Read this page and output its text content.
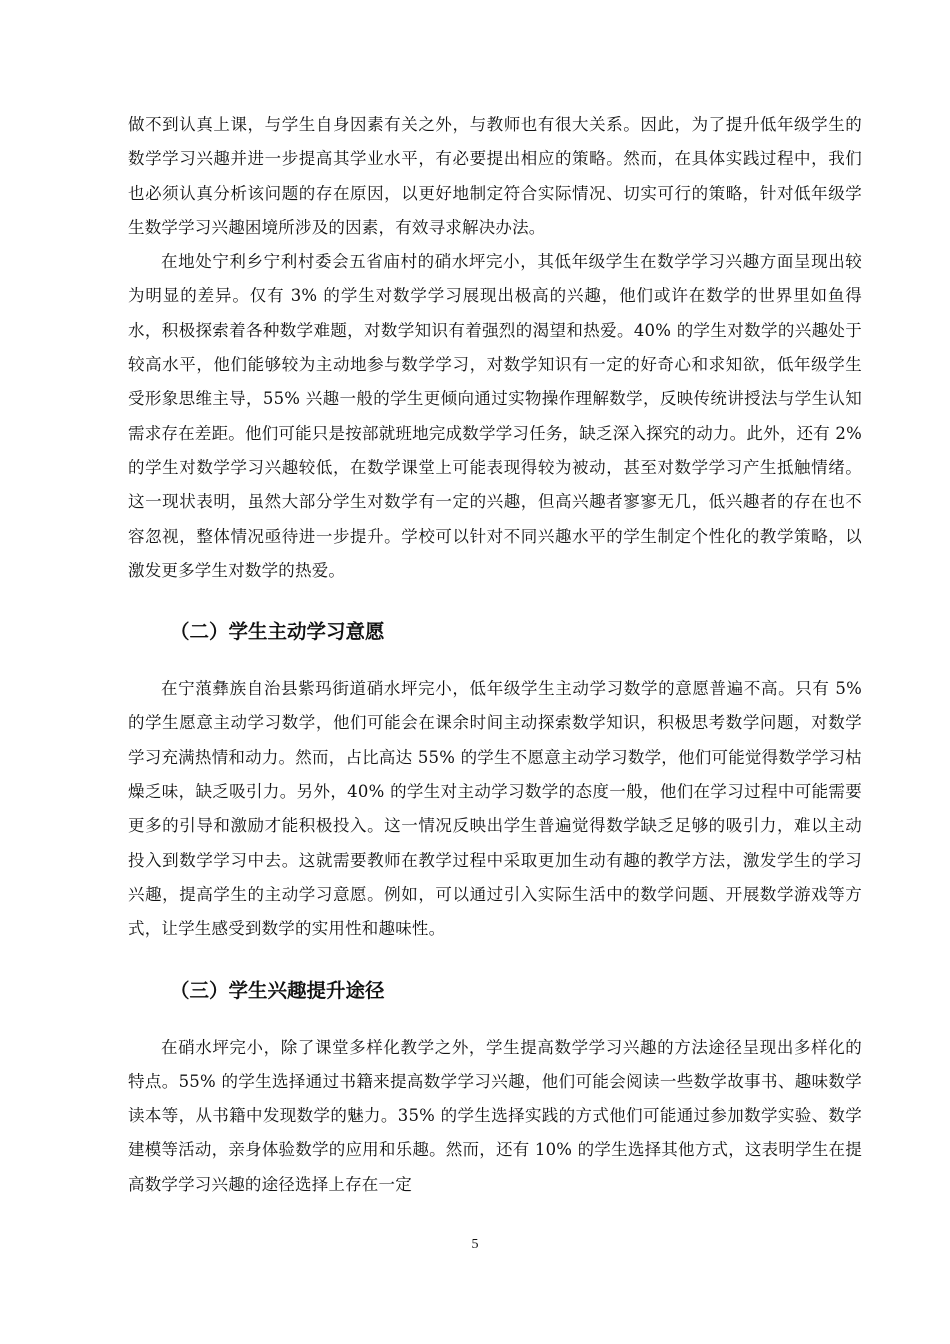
做不到认真上课，与学生自身因素有关之外，与教师也有很大关系。因此，为了提升低年级学生的数学学习兴趣并进一步提高其学业水平，有必要提出相应的策略。然而，在具体实践过程中，我们也必须认真分析该问题的存在原因，以更好地制定符合实际情况、切实可行的策略，针对低年级学生数学学习兴趣困境所涉及的因素，有效寻求解决办法。

在地处宁利乡宁利村委会五省庙村的硝水坪完小，其低年级学生在数学学习兴趣方面呈现出较为明显的差异。仅有 3% 的学生对数学学习展现出极高的兴趣，他们或许在数学的世界里如鱼得水，积极探索着各种数学难题，对数学知识有着强烈的渴望和热爱。40% 的学生对数学的兴趣处于较高水平，他们能够较为主动地参与数学学习，对数学知识有一定的好奇心和求知欲，低年级学生受形象思维主导，55% 兴趣一般的学生更倾向通过实物操作理解数学，反映传统讲授法与学生认知需求存在差距。他们可能只是按部就班地完成数学学习任务，缺乏深入探究的动力。此外，还有 2%的学生对数学学习兴趣较低，在数学课堂上可能表现得较为被动，甚至对数学学习产生抵触情绪。这一现状表明，虽然大部分学生对数学有一定的兴趣，但高兴趣者寥寥无几，低兴趣者的存在也不容忽视，整体情况亟待进一步提升。学校可以针对不同兴趣水平的学生制定个性化的教学策略，以激发更多学生对数学的热爱。

（二）学生主动学习意愿

在宁蒗彝族自治县紫玛街道硝水坪完小，低年级学生主动学习数学的意愿普遍不高。只有 5% 的学生愿意主动学习数学，他们可能会在课余时间主动探索数学知识，积极思考数学问题，对数学学习充满热情和动力。然而，占比高达 55% 的学生不愿意主动学习数学，他们可能觉得数学学习枯燥乏味，缺乏吸引力。另外，40% 的学生对主动学习数学的态度一般，他们在学习过程中可能需要更多的引导和激励才能积极投入。这一情况反映出学生普遍觉得数学缺乏足够的吸引力，难以主动投入到数学学习中去。这就需要教师在教学过程中采取更加生动有趣的教学方法，激发学生的学习兴趣，提高学生的主动学习意愿。例如，可以通过引入实际生活中的数学问题、开展数学游戏等方式，让学生感受到数学的实用性和趣味性。

（三）学生兴趣提升途径

在硝水坪完小，除了课堂多样化教学之外，学生提高数学学习兴趣的方法途径呈现出多样化的特点。55% 的学生选择通过书籍来提高数学学习兴趣，他们可能会阅读一些数学故事书、趣味数学读本等，从书籍中发现数学的魅力。35% 的学生选择实践的方式他们可能通过参加数学实验、数学建模等活动，亲身体验数学的应用和乐趣。然而，还有 10% 的学生选择其他方式，这表明学生在提高数学学习兴趣的途径选择上存在一定

5
